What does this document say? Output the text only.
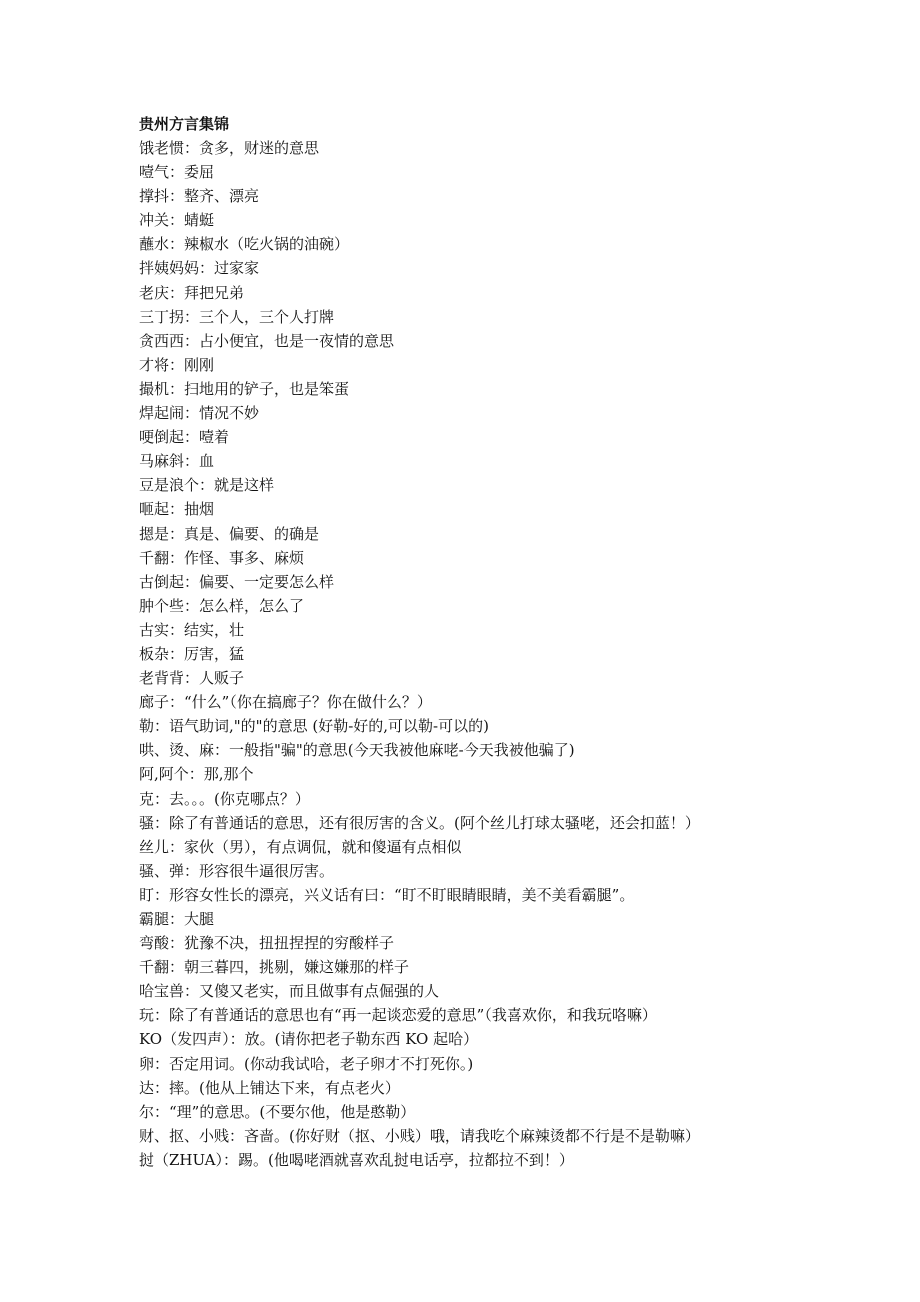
贵州方言集锦
饿老惯：贪多，财迷的意思
噎气：委屈
撑抖：整齐、漂亮
冲关：蜻蜓
蘸水：辣椒水（吃火锅的油碗）
拌姨妈妈：过家家
老庆：拜把兄弟
三丁拐：三个人，三个人打牌
贪西西：占小便宜，也是一夜情的意思
才将：刚刚
撮机：扫地用的铲子，也是笨蛋
焊起闹：情况不妙
哽倒起：噎着
马麻斜：血
豆是浪个：就是这样
咂起：抽烟
摁是：真是、偏要、的确是
千翻：作怪、事多、麻烦
古倒起：偏要、一定要怎么样
肿个些：怎么样，怎么了
古实：结实，壮
板杂：厉害，猛
老背背：人贩子
廊子：“什么”（你在搞廊子？你在做什么？）
勒：语气助词,"的"的意思 (好勒-好的,可以勒-可以的)
哄、烫、麻：一般指"骗"的意思(今天我被他麻咾-今天我被他骗了)
阿,阿个：那,那个
克：去。。。(你克哪点？）
骚：除了有普通话的意思，还有很厉害的含义。(阿个丝儿打球太骚咾，还会扣蓝！）
丝儿：家伙（男），有点调侃，就和傻逼有点相似
骚、弹：形容很牛逼很厉害。
盯：形容女性长的漂亮，兴义话有曰：“盯不盯眼睛眼睛，美不美看霸腿”。
霸腿：大腿
弯酸：犹豫不决，扭扭捏捏的穷酸样子
千翻：朝三暮四，挑剔，嫌这嫌那的样子
哈宝兽：又傻又老实，而且做事有点倔强的人
玩：除了有普通话的意思也有“再一起谈恋爱的意思”（我喜欢你，和我玩咯嘛）
KO（发四声）：放。(请你把老子勒东西 KO 起哈）
卵：否定用词。(你动我试哈，老子卵才不打死你。)
达：摔。(他从上铺达下来，有点老火）
尔：“理”的意思。(不要尔他，他是憨勒）
财、抠、小贱：吝啬。(你好财（抠、小贱）哦，请我吃个麻辣烫都不行是不是勒嘛）
挝（ZHUA）：踢。(他喝咾酒就喜欢乱挝电话亭，拉都拉不到！）
